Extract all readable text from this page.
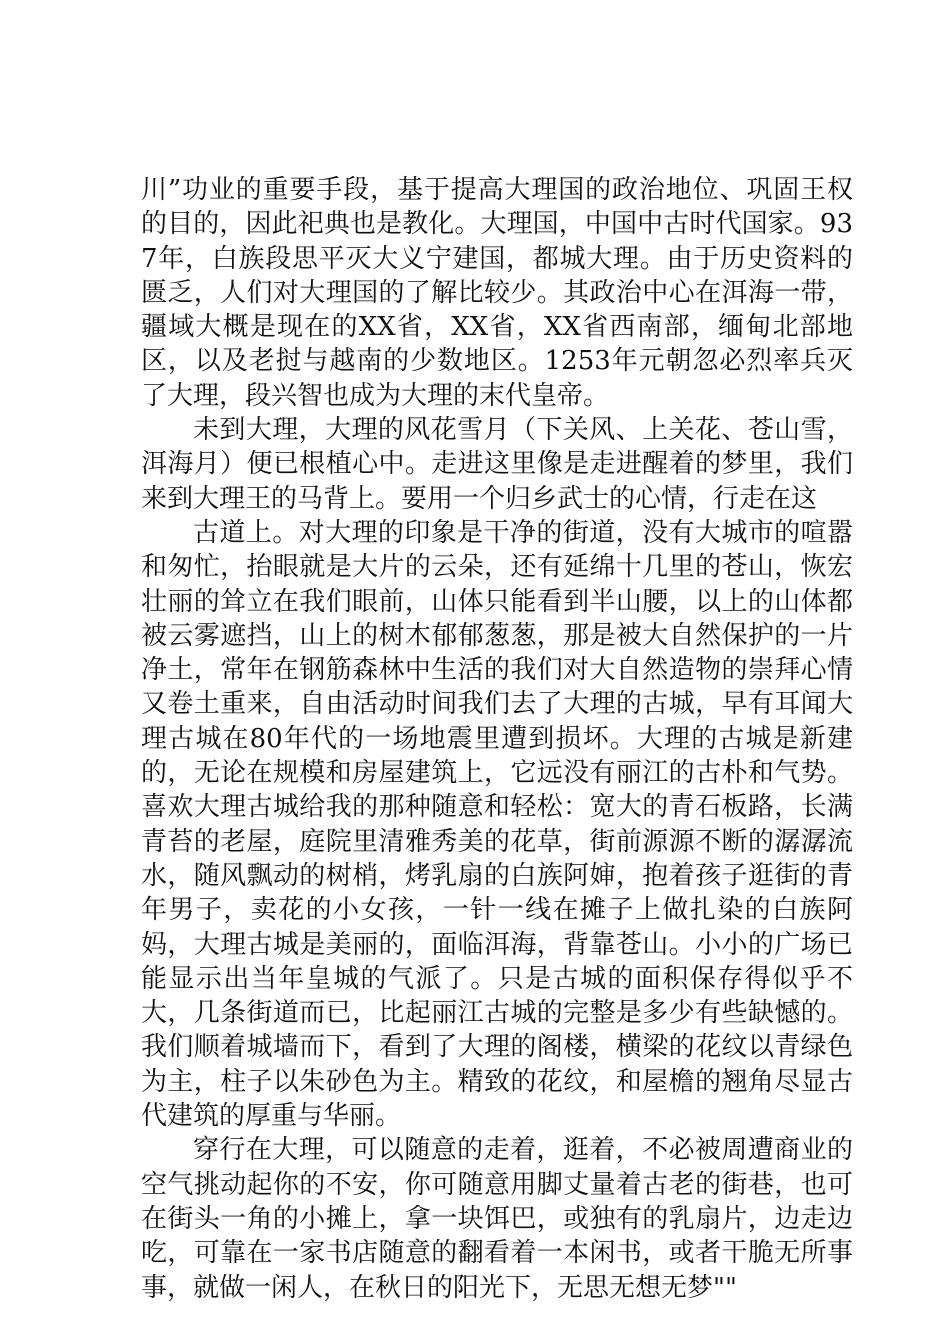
川”功业的重要手段，基于提高大理国的政治地位、巩固王权的目的，因此祀典也是教化。大理国，中国中古时代国家。937年，白族段思平灭大义宁建国，都城大理。由于历史资料的匮乏，人们对大理国的了解比较少。其政治中心在洱海一带，疆域大概是现在的XX省，XX省，XX省西南部，缅甸北部地区，以及老挝与越南的少数地区。1253年元朝忽必烈率兵灭了大理，段兴智也成为大理的末代皇帝。

未到大理，大理的风花雪月（下关风、上关花、苍山雪，洱海月）便已根植心中。走进这里像是走进醒着的梦里，我们来到大理王的马背上。要用一个归乡武士的心情，行走在这

古道上。对大理的印象是干净的街道，没有大城市的喧嚣和匆忙，抬眼就是大片的云朵，还有延绵十几里的苍山，恢宏壮丽的耸立在我们眼前，山体只能看到半山腰，以上的山体都被云雾遮挡，山上的树木郁郁葱葱，那是被大自然保护的一片净土，常年在钢筋森林中生活的我们对大自然造物的崇拜心情又卷土重来，自由活动时间我们去了大理的古城，早有耳闻大理古城在80年代的一场地震里遭到损坏。大理的古城是新建的，无论在规模和房屋建筑上，它远没有丽江的古朴和气势。喜欢大理古城给我的那种随意和轻松：宽大的青石板路，长满青苔的老屋，庭院里清雅秀美的花草，街前源源不断的潺潺流水，随风飘动的树梢，烤乳扇的白族阿婶，抱着孩子逛街的青年男子，卖花的小女孩，一针一线在摊子上做扎染的白族阿妈，大理古城是美丽的，面临洱海，背靠苍山。小小的广场已能显示出当年皇城的气派了。只是古城的面积保存得似乎不大，几条街道而已，比起丽江古城的完整是多少有些缺憾的。我们顺着城墙而下，看到了大理的阁楼，横梁的花纹以青绿色为主，柱子以朱砂色为主。精致的花纹，和屋檐的翘角尽显古代建筑的厚重与华丽。

穿行在大理，可以随意的走着，逛着，不必被周遭商业的空气挑动起你的不安，你可随意用脚丈量着古老的街巷，也可在街头一角的小摊上，拿一块饵巴，或独有的乳扇片，边走边吃，可靠在一家书店随意的翻看着一本闲书，或者干脆无所事事，就做一闲人，在秋日的阳光下，无思无想无梦""
